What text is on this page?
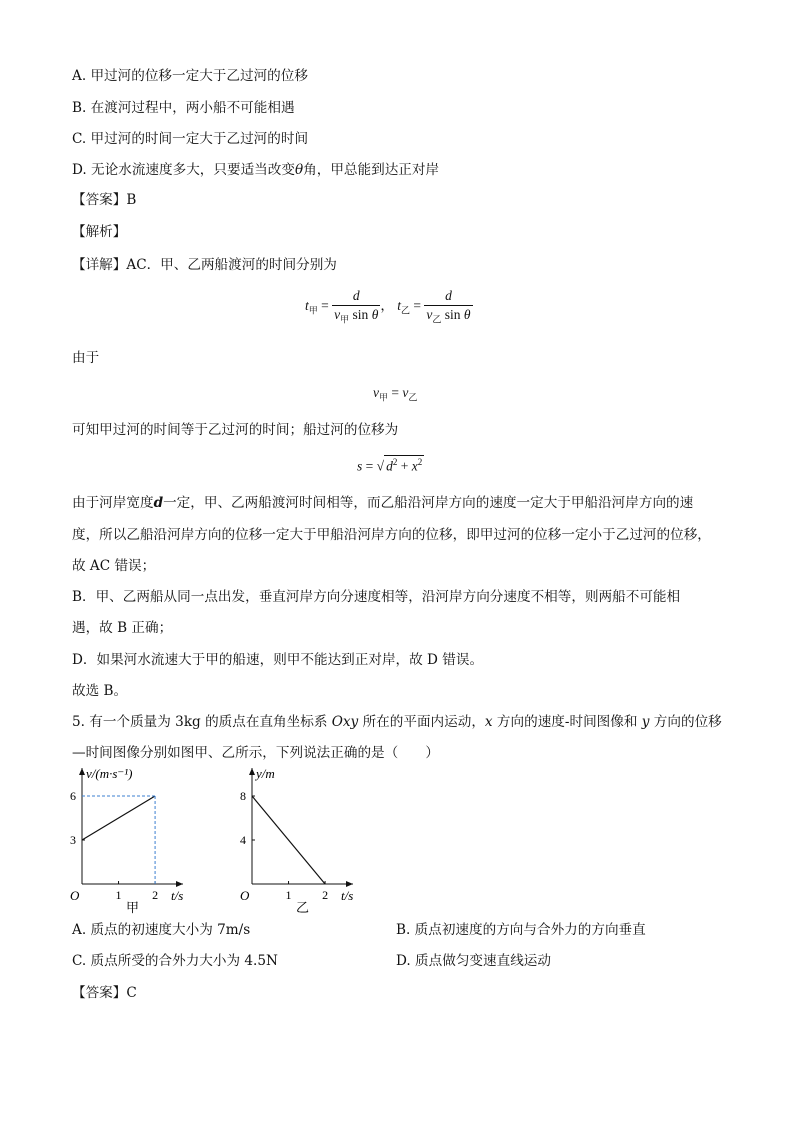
A. 甲过河的位移一定大于乙过河的位移
B. 在渡河过程中，两小船不可能相遇
C. 甲过河的时间一定大于乙过河的时间
D. 无论水流速度多大，只要适当改变θ角，甲总能到达正对岸
【答案】B
【解析】
【详解】AC．甲、乙两船渡河的时间分别为
$t_甲 = \frac{d}{v_甲 \sin \theta}$ ， $t_乙 = \frac{d}{v_乙 \sin \theta}$
由于
$v_甲 = v_乙$
可知甲过河的时间等于乙过河的时间；船过河的位移为
s = √ $d^2 + x^2$
由于河岸宽度d一定，甲、乙两船渡河时间相等，而乙船沿河岸方向的速度一定大于甲船沿河岸方向的速
度，所以乙船沿河岸方向的位移一定大于甲船沿河岸方向的位移，即甲过河的位移一定小于乙过河的位移，
故 AC 错误；
B．甲、乙两船从同一点出发，垂直河岸方向分速度相等，沿河岸方向分速度不相等，则两船不可能相
遇，故 B 正确；
D．如果河水流速大于甲的船速，则甲不能达到正对岸，故 D 错误。
故选 B。
5. 有一个质量为 3kg 的质点在直角坐标系 Oxy 所在的平面内运动，x 方向的速度-时间图像和 y 方向的位移
—时间图像分别如图甲、乙所示，下列说法正确的是（　　）
v/(m·s⁻¹)
t/s
O	1	2
3
6
甲
y/m
t/s
O	1	2
4
8
乙
A. 质点的初速度大小为 7m/s	B. 质点初速度的方向与合外力的方向垂直
C. 质点所受的合外力大小为 4.5N	D. 质点做匀变速直线运动
【答案】C
